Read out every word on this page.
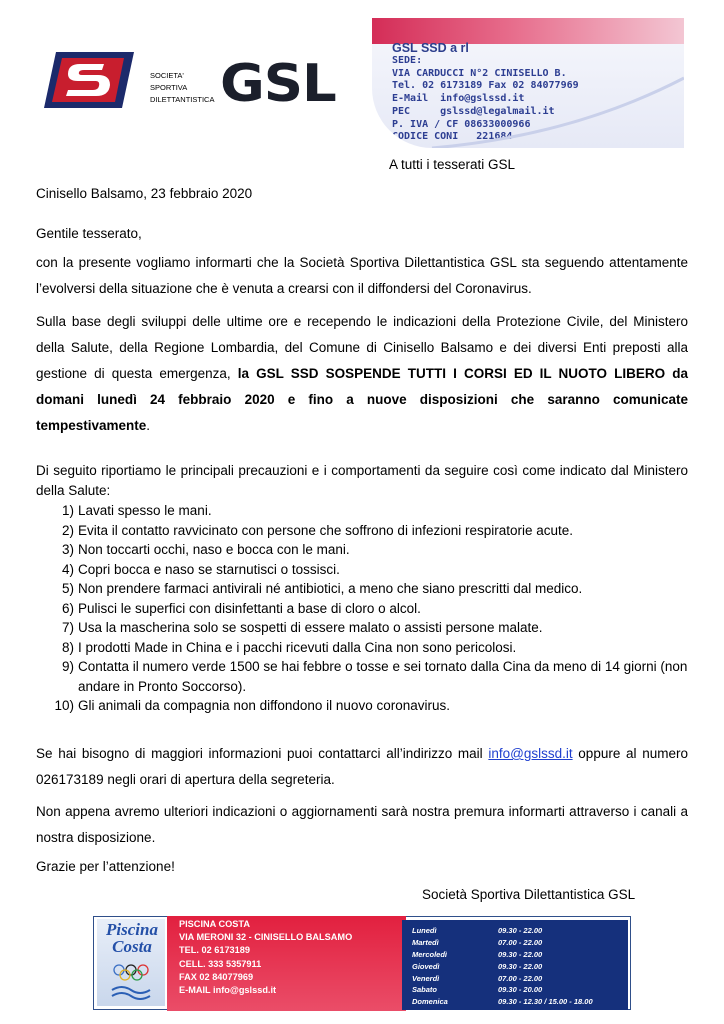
SOCIETA'
SPORTIVA
DILETTANTISTICA GSL
GSL SSD a rl
SEDE:
VIA CARDUCCI N°2 CINISELLO B.
Tel. 02 6173189 Fax 02 84077969
E-Mail  info@gslssd.it
PEC     gslssd@legalmail.it
P. IVA / CF 08633000966
CODICE CONI   221684
A tutti i tesserati GSL
Cinisello Balsamo, 23 febbraio 2020
Gentile tesserato,
con la presente vogliamo informarti che la Società Sportiva Dilettantistica GSL sta seguendo attentamente l’evolversi della situazione che è venuta a crearsi con il diffondersi del Coronavirus.
Sulla base degli sviluppi delle ultime ore e recependo le indicazioni della Protezione Civile, del Ministero della Salute, della Regione Lombardia, del Comune di Cinisello Balsamo e dei diversi Enti preposti alla gestione di questa emergenza, la GSL SSD SOSPENDE TUTTI I CORSI ED IL NUOTO LIBERO da domani lunedì 24 febbraio 2020 e fino a nuove disposizioni che saranno comunicate tempestivamente.
Di seguito riportiamo le principali precauzioni e i comportamenti da seguire così come indicato dal Ministero della Salute:
1) Lavati spesso le mani.
2) Evita il contatto ravvicinato con persone che soffrono di infezioni respiratorie acute.
3) Non toccarti occhi, naso e bocca con le mani.
4) Copri bocca e naso se starnutisci o tossisci.
5) Non prendere farmaci antivirali né antibiotici, a meno che siano prescritti dal medico.
6) Pulisci le superfici con disinfettanti a base di cloro o alcol.
7) Usa la mascherina solo se sospetti di essere malato o assisti persone malate.
8) I prodotti Made in China e i pacchi ricevuti dalla Cina non sono pericolosi.
9) Contatta il numero verde 1500 se hai febbre o tosse e sei tornato dalla Cina da meno di 14 giorni (non andare in Pronto Soccorso).
10) Gli animali da compagnia non diffondono il nuovo coronavirus.
Se hai bisogno di maggiori informazioni puoi contattarci all’indirizzo mail info@gslssd.it oppure al numero 026173189 negli orari di apertura della segreteria.
Non appena avremo ulteriori indicazioni o aggiornamenti sarà nostra premura informarti attraverso i canali a nostra disposizione.
Grazie per l’attenzione!
Società Sportiva Dilettantistica GSL
Piscina Costa
PISCINA COSTA
VIA MERONI 32 - CINISELLO BALSAMO
TEL. 02 6173189
CELL. 333 5357911
FAX 02 84077969
E-MAIL info@gslssd.it
Lunedì	09.30 - 22.00
Martedì	07.00 - 22.00
Mercoledì	09.30 - 22.00
Giovedì	09.30 - 22.00
Venerdì	07.00 - 22.00
Sabato	09.30 - 20.00
Domenica	09.30 - 12.30 / 15.00 - 18.00
